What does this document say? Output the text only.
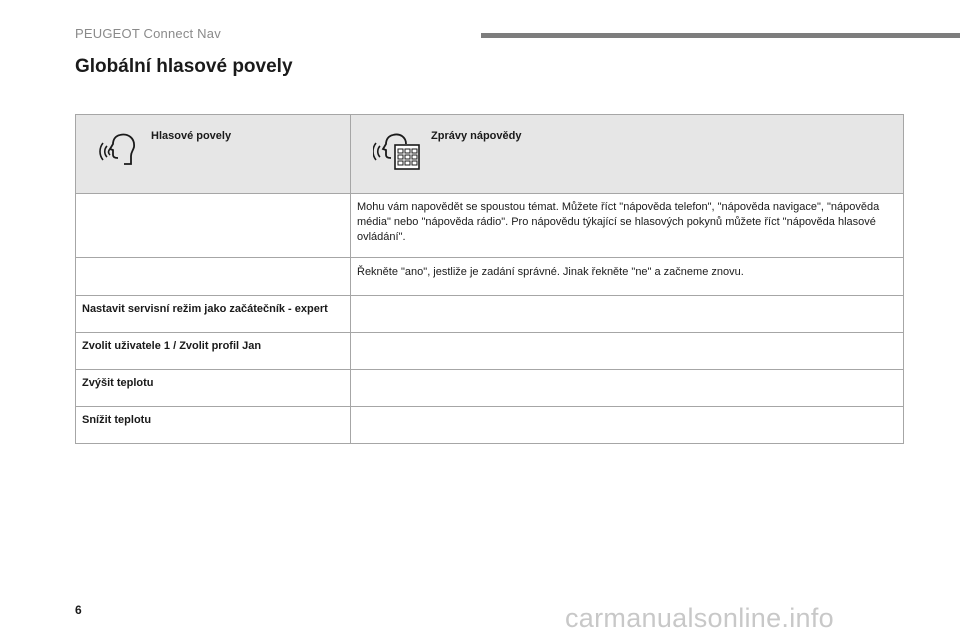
PEUGEOT Connect Nav
Globální hlasové povely
Hlasové povely	Zprávy nápovědy

	Mohu vám napovědět se spoustou témat. Můžete říct "nápověda telefon", "nápověda navigace", "nápověda média" nebo "nápověda rádio". Pro nápovědu týkající se hlasových pokynů můžete říct "nápověda hlasové ovládání".
	Řekněte "ano", jestliže je zadání správné. Jinak řekněte "ne" a začneme znovu.
Nastavit servisní režim jako začátečník - expert	
Zvolit uživatele 1 / Zvolit profil Jan	
Zvýšit teplotu	
Snížit teplotu	
6	carmanualsonline.info
